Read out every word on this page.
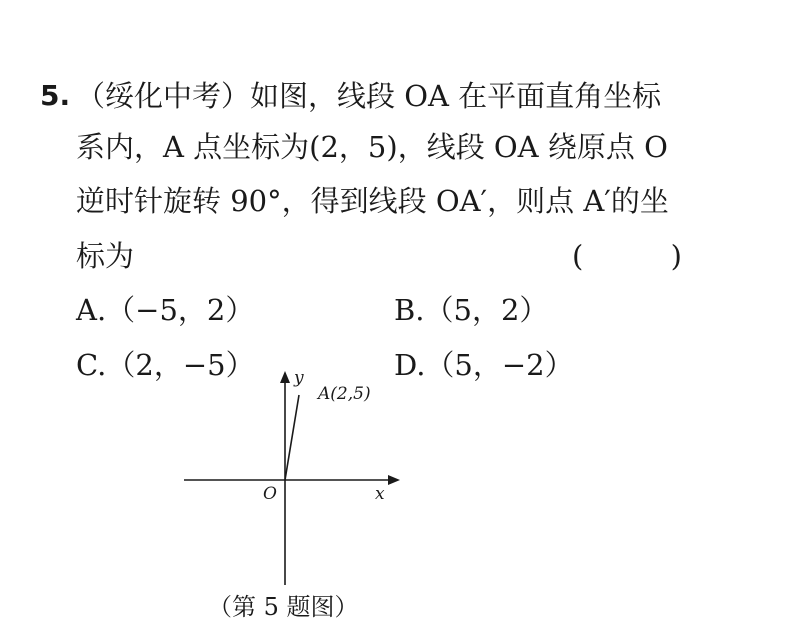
5. （绥化中考）如图，线段 OA 在平面直角坐标
系内，A 点坐标为(2，5)，线段 OA 绕原点 O
逆时针旋转 90°，得到线段 OA′，则点 A′的坐
标为	(	)
A.（−5，2）	B.（5，2）
C.（2，−5）	D.（5，−2）
y
x
O
A(2,5)
（第 5 题图）
